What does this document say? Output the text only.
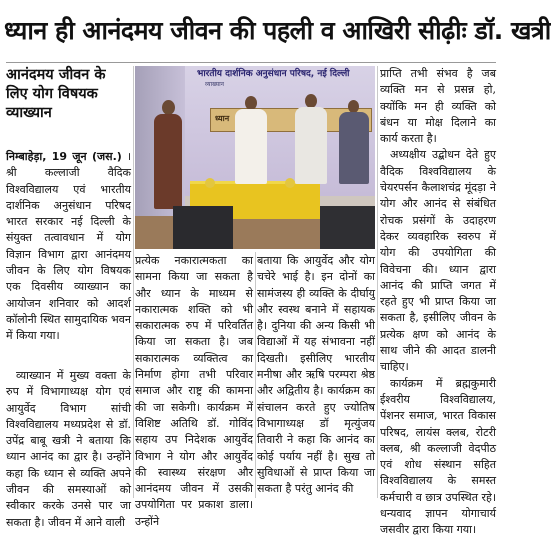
ध्यान ही आनंदमय जीवन की पहली व आखिरी सीढ़ीः डॉ. खत्री
आनंदमय जीवन के लिए योग विषयक व्याख्यान
निम्बाहेड़ा, 19 जून (जस.) । श्री कल्लाजी वैदिक विश्वविद्यालय एवं भारतीय दार्शनिक अनुसंधान परिषद भारत सरकार नई दिल्ली के संयुक्त तत्वावधान में योग विज्ञान विभाग द्वारा आनंदमय जीवन के लिए योग विषयक एक दिवसीय व्याख्यान का आयोजन शनिवार को आदर्श कॉलोनी स्थित सामुदायिक भवन में किया गया।

व्याख्यान में मुख्य वक्ता के रुप में विभागाध्यक्ष योग एवं आयुर्वेद विभाग सांची विश्वविद्यालय मध्यप्रदेश से डॉ. उपेंद्र बाबू खत्री ने बताया कि ध्यान आनंद का द्वार है। उन्होंने कहा कि ध्यान से व्यक्ति अपने जीवन की समस्याओं को स्वीकार करके उनसे पार जा सकता है। जीवन में आने वाली

भारतीय दार्शनिक अनुसंधान परिषद, नई दिल्ली
व्याख्यान
ध्यान

प्रत्येक नकारात्मकता का सामना किया जा सकता है और ध्यान के माध्यम से नकारात्मक शक्ति को भी सकारात्मक रुप में परिवर्तित किया जा सकता है। जब सकारात्मक व्यक्तित्व का निर्माण होगा तभी परिवार समाज और राष्ट्र की कामना की जा सकेगी। कार्यक्रम में विशिष्ट अतिथि डॉ. गोविंद सहाय उप निदेशक आयुर्वेद विभाग ने योग और आयुर्वेद की स्वास्थ्य संरक्षण और आनंदमय जीवन में उसकी उपयोगिता पर प्रकाश डाला। उन्होंने

बताया कि आयुर्वेद और योग चचेरे भाई है। इन दोनों का सामंजस्य ही व्यक्ति के दीर्घायु और स्वस्थ बनाने में सहायक है। दुनिया की अन्य किसी भी विद्याओं में यह संभावना नहीं दिखती। इसीलिए भारतीय मनीषा और ऋषि परम्परा श्रेष्ठ और अद्वितीय है। कार्यक्रम का संचालन करते हुए ज्योतिष विभागाध्यक्ष डॉ मृत्युंजय तिवारी ने कहा कि आनंद का कोई पर्याय नहीं है। सुख तो सुविधाओं से प्राप्त किया जा सकता है परंतु आनंद की

प्राप्ति तभी संभव है जब व्यक्ति मन से प्रसन्न हो, क्योंकि मन ही व्यक्ति को बंधन या मोक्ष दिलाने का कार्य करता है।

अध्यक्षीय उद्बोधन देते हुए वैदिक विश्वविद्यालय के चेयरपर्सन कैलाशचंद्र मूंदड़ा ने योग और आनंद से संबंधित रोचक प्रसंगों के उदाहरण देकर व्यवहारिक स्वरुप में योग की उपयोगिता की विवेचना की। ध्यान द्वारा आनंद की प्राप्ति जगत में रहते हुए भी प्राप्त किया जा सकता है, इसीलिए जीवन के प्रत्येक क्षण को आनंद के साथ जीने की आदत डालनी चाहिए।

कार्यक्रम में ब्रह्मकुमारी ईश्वरीय विश्वविद्यालय, पेंशनर समाज, भारत विकास परिषद, लायंस क्लब, रोटरी क्लब, श्री कल्लाजी वेदपीठ एवं शोध संस्थान सहित विश्वविद्यालय के समस्त कर्मचारी व छात्र उपस्थित रहे। धन्यवाद ज्ञापन योगाचार्य जसवीर द्वारा किया गया।
